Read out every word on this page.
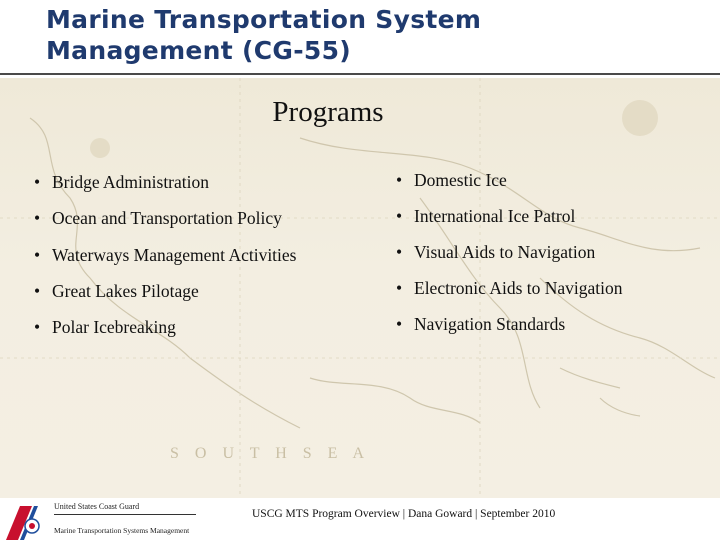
Marine Transportation System
Management (CG-55)
S O U T H S E A
Programs
• Bridge Administration
• Ocean and Transportation Policy
• Waterways Management Activities
• Great Lakes Pilotage
• Polar Icebreaking
• Domestic Ice
• International Ice Patrol
• Visual Aids to Navigation
• Electronic Aids to Navigation
• Navigation Standards
United States Coast Guard
Marine Transportation Systems Management
USCG MTS Program Overview | Dana Goward | September 2010
